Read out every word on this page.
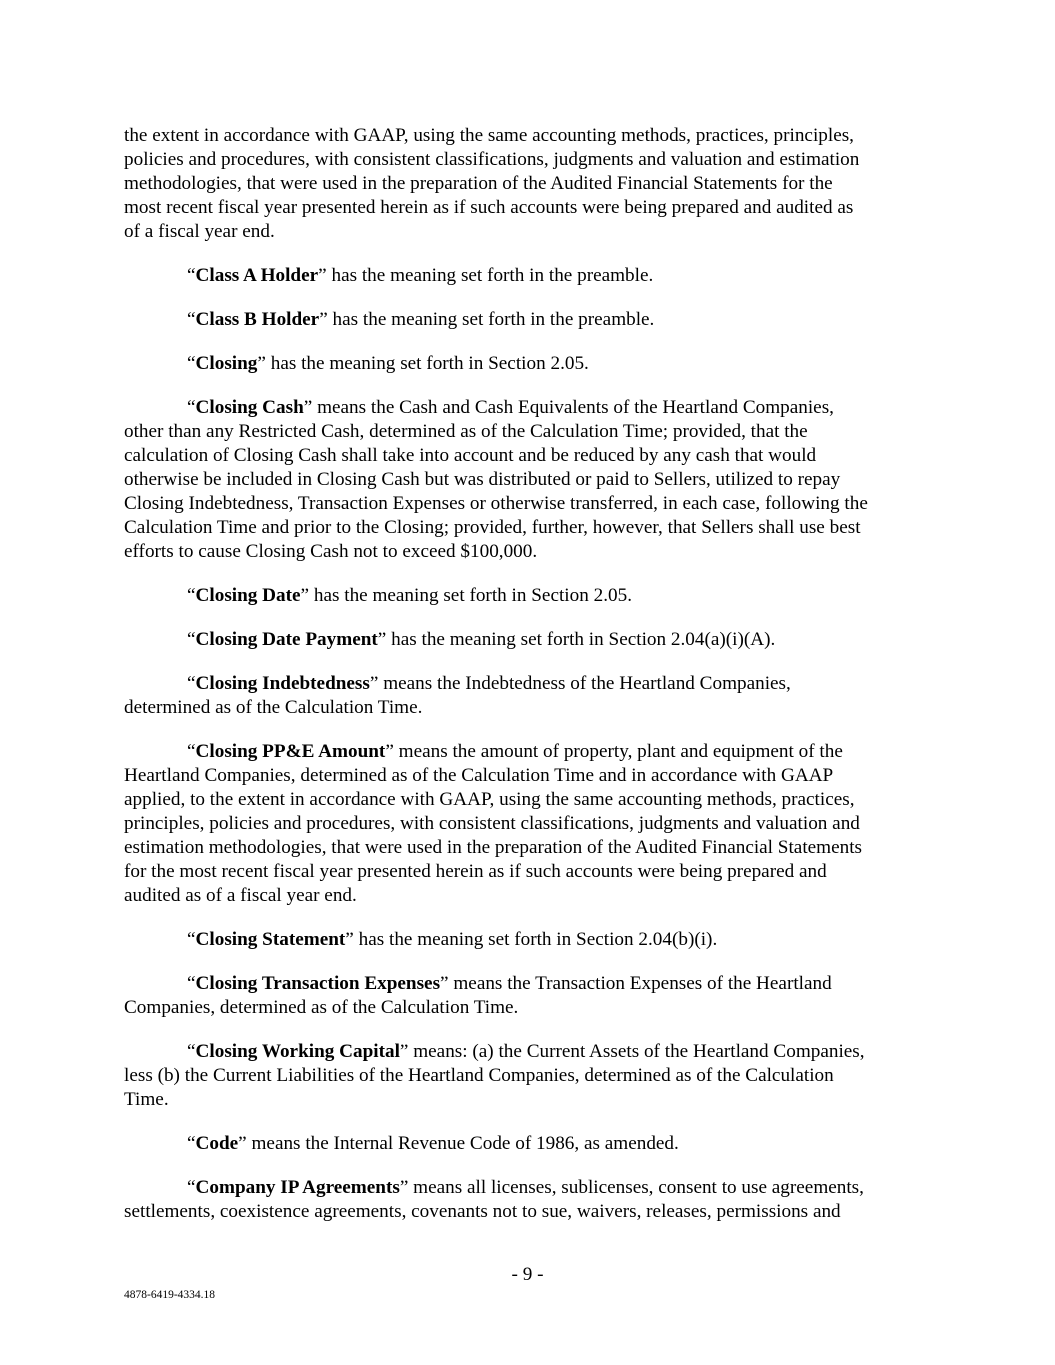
the extent in accordance with GAAP, using the same accounting methods, practices, principles,
policies and procedures, with consistent classifications, judgments and valuation and estimation
methodologies, that were used in the preparation of the Audited Financial Statements for the
most recent fiscal year presented herein as if such accounts were being prepared and audited as
of a fiscal year end.
“Class A Holder” has the meaning set forth in the preamble.
“Class B Holder” has the meaning set forth in the preamble.
“Closing” has the meaning set forth in Section 2.05.
“Closing Cash” means the Cash and Cash Equivalents of the Heartland Companies,
other than any Restricted Cash, determined as of the Calculation Time; provided, that the
calculation of Closing Cash shall take into account and be reduced by any cash that would
otherwise be included in Closing Cash but was distributed or paid to Sellers, utilized to repay
Closing Indebtedness, Transaction Expenses or otherwise transferred, in each case, following the
Calculation Time and prior to the Closing; provided, further, however, that Sellers shall use best
efforts to cause Closing Cash not to exceed $100,000.
“Closing Date” has the meaning set forth in Section 2.05.
“Closing Date Payment” has the meaning set forth in Section 2.04(a)(i)(A).
“Closing Indebtedness” means the Indebtedness of the Heartland Companies,
determined as of the Calculation Time.
“Closing PP&E Amount” means the amount of property, plant and equipment of the
Heartland Companies, determined as of the Calculation Time and in accordance with GAAP
applied, to the extent in accordance with GAAP, using the same accounting methods, practices,
principles, policies and procedures, with consistent classifications, judgments and valuation and
estimation methodologies, that were used in the preparation of the Audited Financial Statements
for the most recent fiscal year presented herein as if such accounts were being prepared and
audited as of a fiscal year end.
“Closing Statement” has the meaning set forth in Section 2.04(b)(i).
“Closing Transaction Expenses” means the Transaction Expenses of the Heartland
Companies, determined as of the Calculation Time.
“Closing Working Capital” means: (a) the Current Assets of the Heartland Companies,
less (b) the Current Liabilities of the Heartland Companies, determined as of the Calculation
Time.
“Code” means the Internal Revenue Code of 1986, as amended.
“Company IP Agreements” means all licenses, sublicenses, consent to use agreements,
settlements, coexistence agreements, covenants not to sue, waivers, releases, permissions and
- 9 -
4878-6419-4334.18
